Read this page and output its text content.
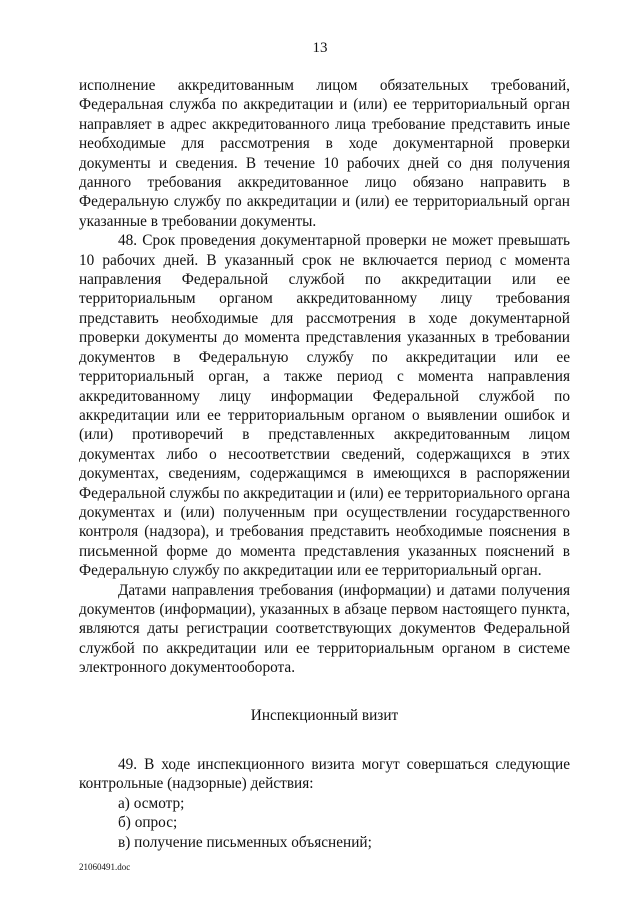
13

исполнение аккредитованным лицом обязательных требований, Федеральная служба по аккредитации и (или) ее территориальный орган направляет в адрес аккредитованного лица требование представить иные необходимые для рассмотрения в ходе документарной проверки документы и сведения. В течение 10 рабочих дней со дня получения данного требования аккредитованное лицо обязано направить в Федеральную службу по аккредитации и (или) ее территориальный орган указанные в требовании документы.

48. Срок проведения документарной проверки не может превышать 10 рабочих дней. В указанный срок не включается период с момента направления Федеральной службой по аккредитации или ее территориальным органом аккредитованному лицу требования представить необходимые для рассмотрения в ходе документарной проверки документы до момента представления указанных в требовании документов в Федеральную службу по аккредитации или ее территориальный орган, а также период с момента направления аккредитованному лицу информации Федеральной службой по аккредитации или ее территориальным органом о выявлении ошибок и (или) противоречий в представленных аккредитованным лицом документах либо о несоответствии сведений, содержащихся в этих документах, сведениям, содержащимся в имеющихся в распоряжении Федеральной службы по аккредитации и (или) ее территориального органа документах и (или) полученным при осуществлении государственного контроля (надзора), и требования представить необходимые пояснения в письменной форме до момента представления указанных пояснений в Федеральную службу по аккредитации или ее территориальный орган.

Датами направления требования (информации) и датами получения документов (информации), указанных в абзаце первом настоящего пункта, являются даты регистрации соответствующих документов Федеральной службой по аккредитации или ее территориальным органом в системе электронного документооборота.

Инспекционный визит

49. В ходе инспекционного визита могут совершаться следующие контрольные (надзорные) действия:

а) осмотр;

б) опрос;

в) получение письменных объяснений;

21060491.doc
